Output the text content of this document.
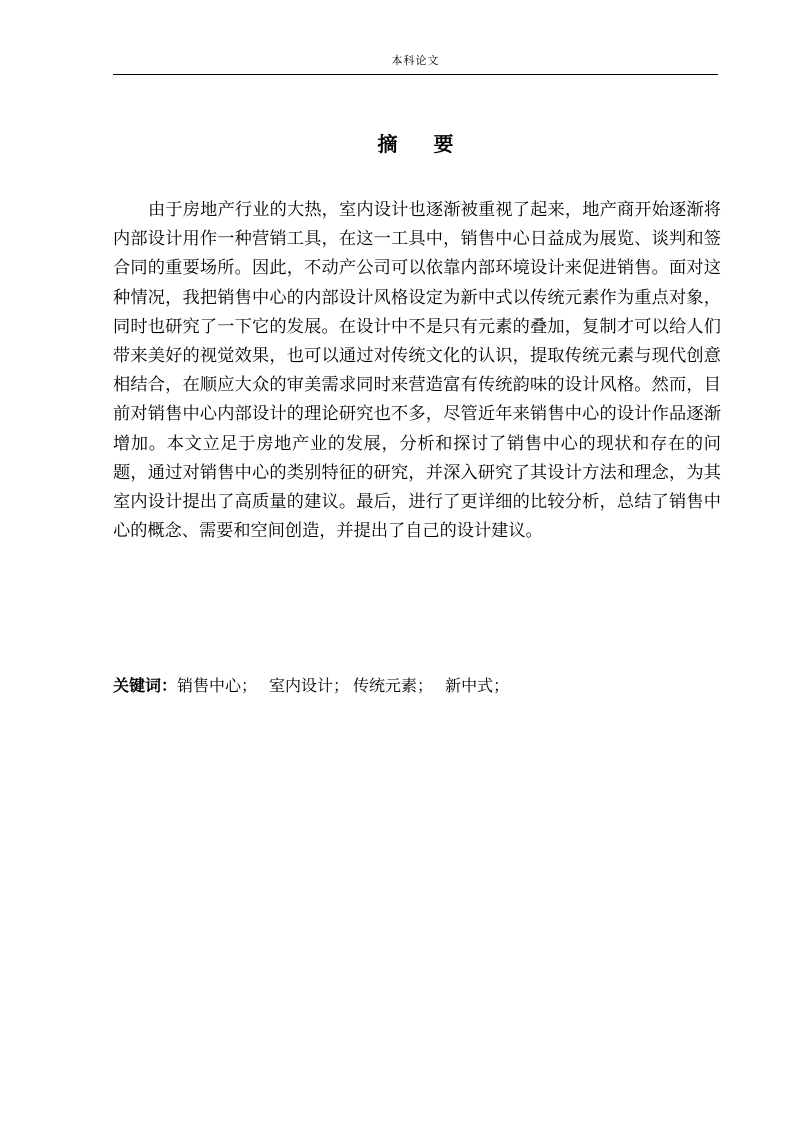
本科论文
摘要

由于房地产行业的大热，室内设计也逐渐被重视了起来，地产商开始逐渐将内部设计用作一种营销工具，在这一工具中，销售中心日益成为展览、谈判和签合同的重要场所。因此，不动产公司可以依靠内部环境设计来促进销售。面对这种情况，我把销售中心的内部设计风格设定为新中式以传统元素作为重点对象，同时也研究了一下它的发展。在设计中不是只有元素的叠加，复制才可以给人们带来美好的视觉效果，也可以通过对传统文化的认识，提取传统元素与现代创意相结合，在顺应大众的审美需求同时来营造富有传统韵味的设计风格。然而，目前对销售中心内部设计的理论研究也不多，尽管近年来销售中心的设计作品逐渐增加。本文立足于房地产业的发展，分析和探讨了销售中心的现状和存在的问题，通过对销售中心的类别特征的研究，并深入研究了其设计方法和理念，为其室内设计提出了高质量的建议。最后，进行了更详细的比较分析，总结了销售中心的概念、需要和空间创造，并提出了自己的设计建议。

关键词：销售中心； 室内设计； 传统元素； 新中式；
